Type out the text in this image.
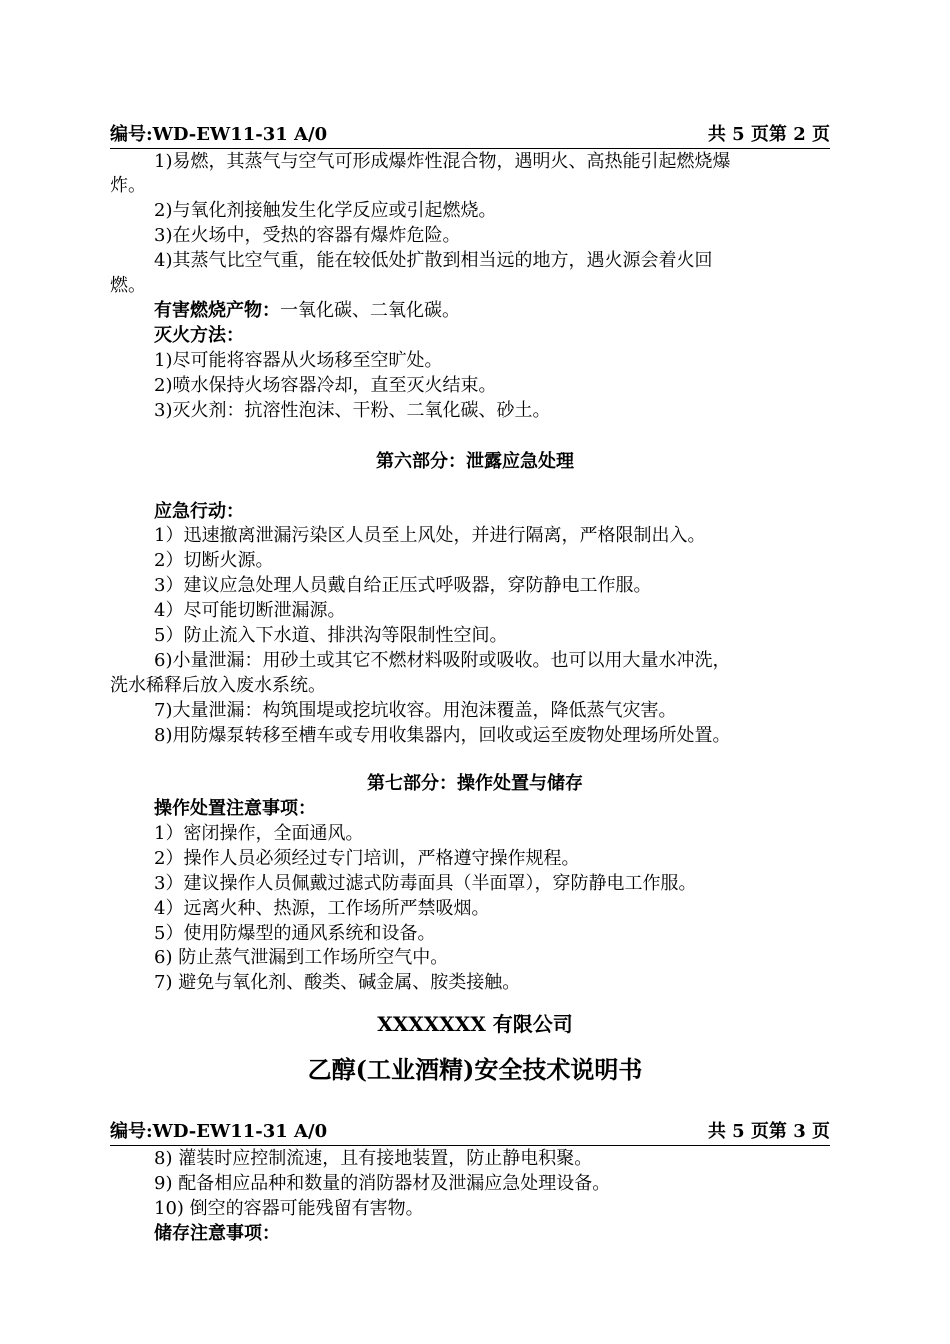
编号:WD-EW11-31 A/0	共 5 页第 2 页
1)易燃，其蒸气与空气可形成爆炸性混合物，遇明火、高热能引起燃烧爆
炸。
2)与氧化剂接触发生化学反应或引起燃烧。
3)在火场中，受热的容器有爆炸危险。
4)其蒸气比空气重，能在较低处扩散到相当远的地方，遇火源会着火回
燃。
有害燃烧产物：一氧化碳、二氧化碳。
灭火方法：
1)尽可能将容器从火场移至空旷处。
2)喷水保持火场容器冷却，直至灭火结束。
3)灭火剂：抗溶性泡沫、干粉、二氧化碳、砂土。
第六部分：泄露应急处理
应急行动：
1）迅速撤离泄漏污染区人员至上风处，并进行隔离，严格限制出入。
2）切断火源。
3）建议应急处理人员戴自给正压式呼吸器，穿防静电工作服。
4）尽可能切断泄漏源。
5）防止流入下水道、排洪沟等限制性空间。
6)小量泄漏：用砂土或其它不燃材料吸附或吸收。也可以用大量水冲洗，
洗水稀释后放入废水系统。
7)大量泄漏：构筑围堤或挖坑收容。用泡沫覆盖，降低蒸气灾害。
8)用防爆泵转移至槽车或专用收集器内，回收或运至废物处理场所处置。
第七部分：操作处置与储存
操作处置注意事项：
1）密闭操作，全面通风。
2）操作人员必须经过专门培训，严格遵守操作规程。
3）建议操作人员佩戴过滤式防毒面具（半面罩），穿防静电工作服。
4）远离火种、热源，工作场所严禁吸烟。
5）使用防爆型的通风系统和设备。
6) 防止蒸气泄漏到工作场所空气中。
7) 避免与氧化剂、酸类、碱金属、胺类接触。
XXXXXXX 有限公司
乙醇(工业酒精)安全技术说明书
编号:WD-EW11-31 A/0	共 5 页第 3 页
8) 灌装时应控制流速，且有接地装置，防止静电积聚。
9) 配备相应品种和数量的消防器材及泄漏应急处理设备。
10) 倒空的容器可能残留有害物。
储存注意事项：
